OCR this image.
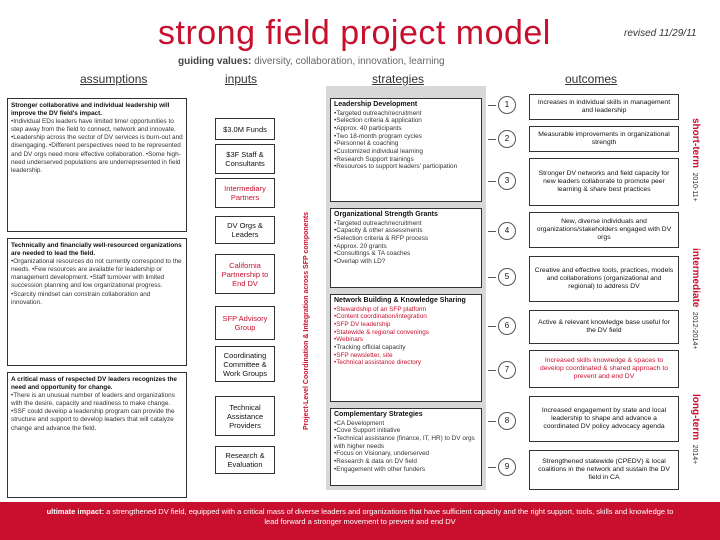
strong field project model	revised 11/29/11
guiding values: diversity, collaboration, innovation, learning
assumptions	inputs	strategies	outcomes
Stronger collaborative and individual leadership will improve the DV field's impact.
•Individual EDs leaders have limited time/ opportunities to step away from the field to connect, network and innovate. •Leadership across the sector of DV services is burn-out and disengaging. •Different perspectives need to be represented and DV orgs need more effective collaboration. •Some high-need underserved populations are underrepresented in field leadership.
Technically and financially well-resourced organizations are needed to lead the field.
•Organizational resources do not currently correspond to the needs. •Few resources are available for leadership or management development. •Staff turnover with limited succession planning and low organizational progress. •Scarcity mindset can constrain collaboration and innovation.
A critical mass of respected DV leaders recognizes the need and opportunity for change.
•There is an unusual number of leaders and organizations with the desire, capacity and readiness to make change. •SSF could develop a leadership program can provide the structure and support to develop leaders that will catalyze change and advance the field.
$3.0M Funds
$3F Staff & Consultants
Intermediary Partners
DV Orgs & Leaders
California Partnership to End DV
SFP Advisory Group
Coordinating Committee & Work Groups
Technical Assistance Providers
Research & Evaluation
Project-Level Coordination & Integration across SFP components
Leadership Development
•Targeted outreach/recruitment
•Selection criteria & application
•Approx. 40 participants
•Two 18-month program cycles
•Personnel & coaching
•Customized individual learning
•Research Support trainings
•Resources to support leaders' participation
Organizational Strength Grants
•Targeted outreach/recruitment
•Capacity & other assessments
•Selection criteria & RFP process
•Approx. 20 grants
•Consultings & TA coaches
•Overlap with LD?
Network Building & Knowledge Sharing
•Stewardship of an SFP platform
•Content coordination/integration
•SFP DV leadership
•Statewide & regional convenings
•Webinars
•Tracking official capacity
•SFP newsletter, site
•Technical assistance directory
Complementary Strategies
•CA Development
•Cove Support initiative
•Technical assistance (finance, IT, HR) to DV orgs with higher needs
•Focus on Visionary, underserved
•Research & data on DV field
•Engagement with other funders
1
2
3
4
5
6
7
8
9
Increases in individual skills in management and leadership
Measurable improvements in organizational strength
Stronger DV networks and field capacity for new leaders collaborate to promote peer learning & share best practices
New, diverse individuals and organizations/stakeholders engaged with DV orgs
Creative and effective tools, practices, models and collaborations (organizational and regional) to address DV
Active & relevant knowledge base useful for the DV field
Increased skills knowledge & spaces to develop coordinated & shared approach to prevent and end DV
Increased engagement by state and local leadership to shape and advance a coordinated DV policy advocacy agenda
Strengthened statewide (CPEDV) & local coalitions in the network and sustain the DV field in CA
short-term 2010-11+
intermediate 2012-2014+
long-term 2014+
ultimate impact: a strengthened DV field, equipped with a critical mass of diverse leaders and organizations that have sufficient capacity and the right support, tools, skills and knowledge to lead forward a stronger movement to prevent and end DV
